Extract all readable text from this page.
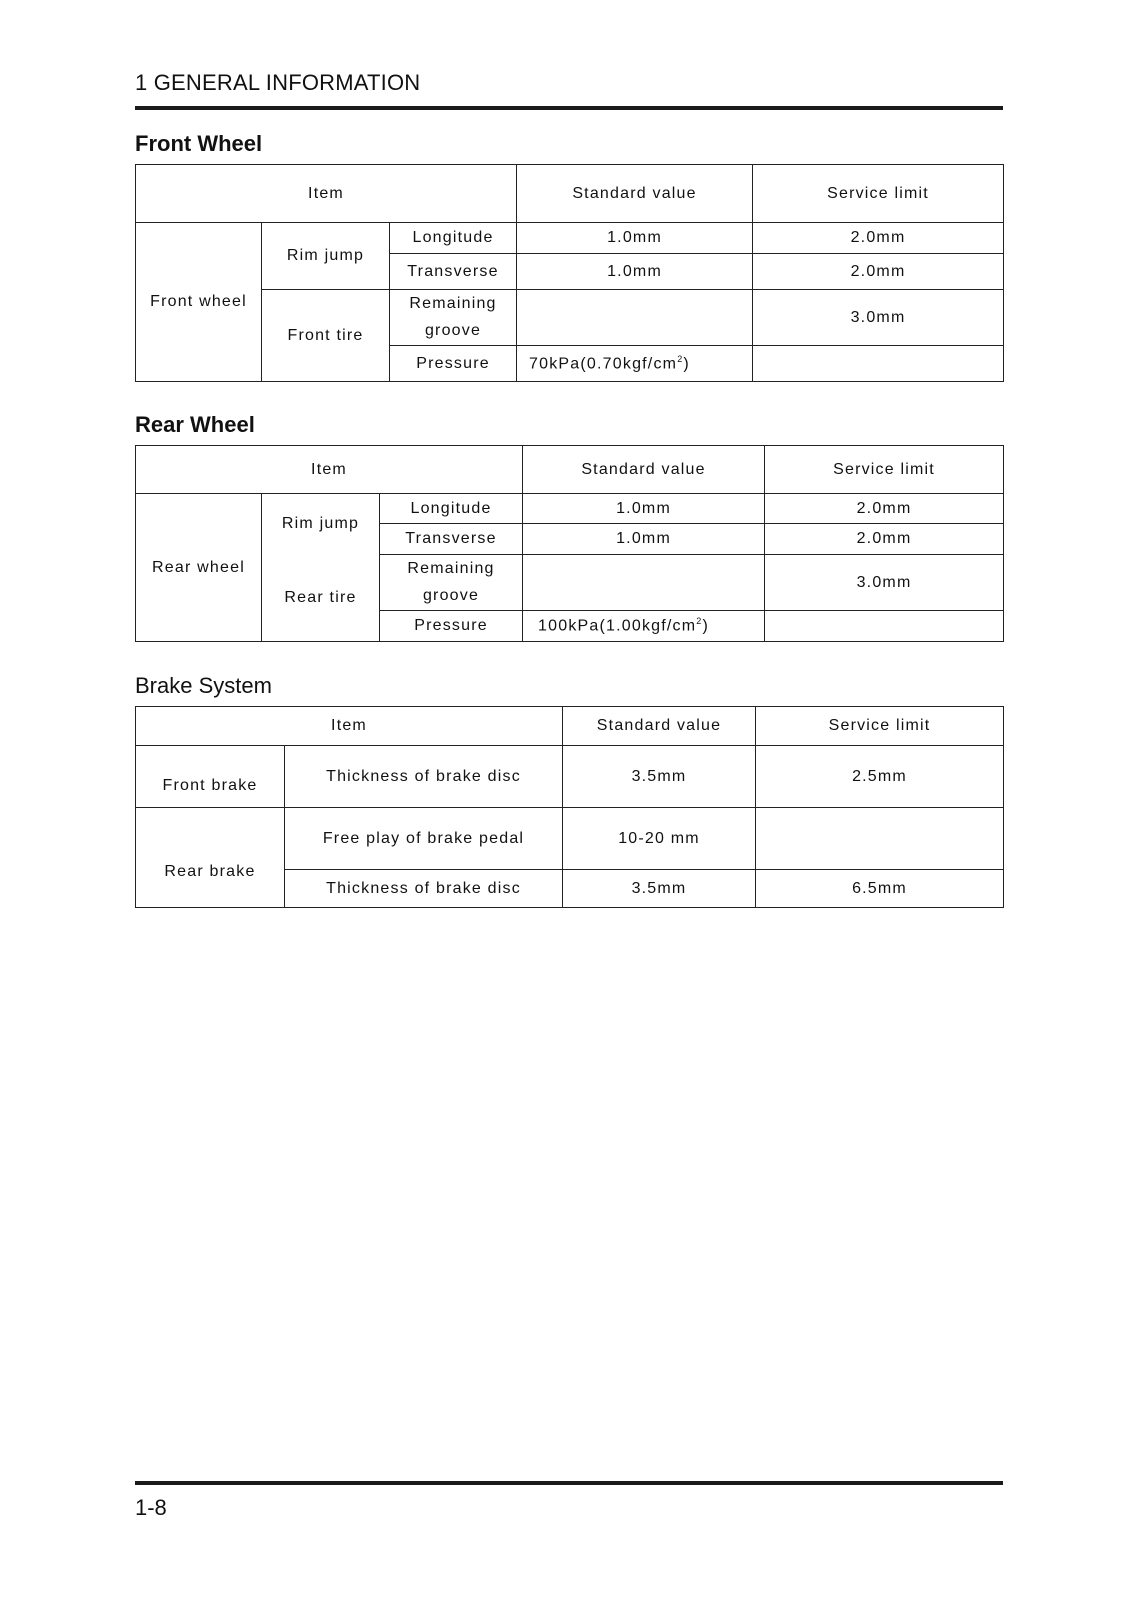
1 GENERAL INFORMATION
Front Wheel
Item			Standard value	Service limit
Front wheel	Rim jump	Longitude	1.0mm	2.0mm
		Transverse	1.0mm	2.0mm
	Front tire	Remaining		3.0mm
		groove		
		Pressure	$70kPa(0.70kgf/cm^2)$	
Rear Wheel
Item			Standard value	Service limit
Rear wheel	Rim jump	Longitude	1.0mm	2.0mm
		Transverse	1.0mm	2.0mm
	Rear tire	Remaining		3.0mm
		groove		
		Pressure	$100kPa(1.00kgf/cm^2)$	
Brake System
Item		Standard value	Service limit
Front brake	Thickness of brake disc	3.5mm	2.5mm
Rear brake	Free play of brake pedal	10-20 mm	
	Thickness of brake disc	3.5mm	6.5mm
1-8
